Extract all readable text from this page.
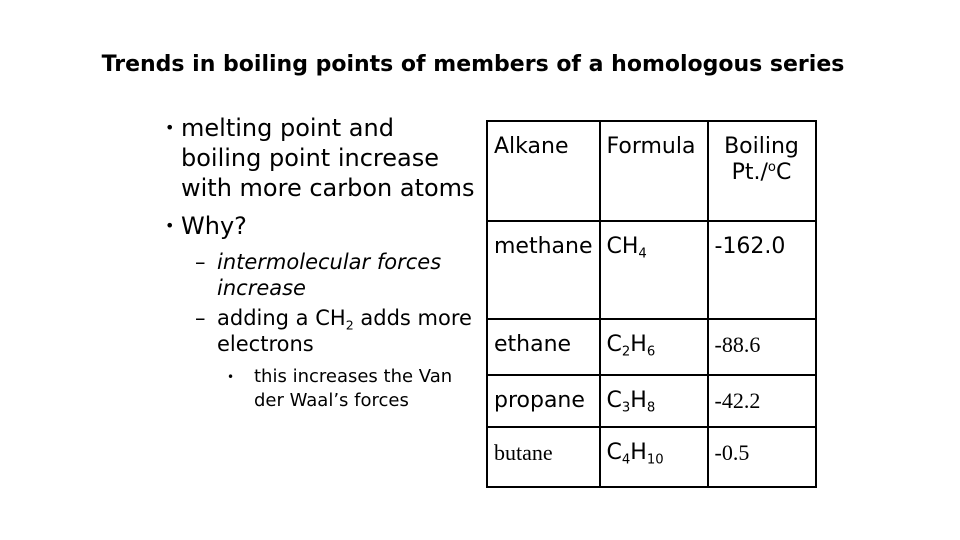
Trends in boiling points of members of a homologous series
• melting point and boiling point increase with more carbon atoms
• Why?
– intermolecular forces increase
– adding a $CH_2$ adds more electrons
• this increases the Van der Waal’s forces
Alkane	Formula	Boiling Pt./$^o$C
methane	$CH_4$	-162.0
ethane	$C_2H_6$	-88.6
propane	$C_3H_8$	-42.2
butane	$C_4H_{10}$	-0.5
